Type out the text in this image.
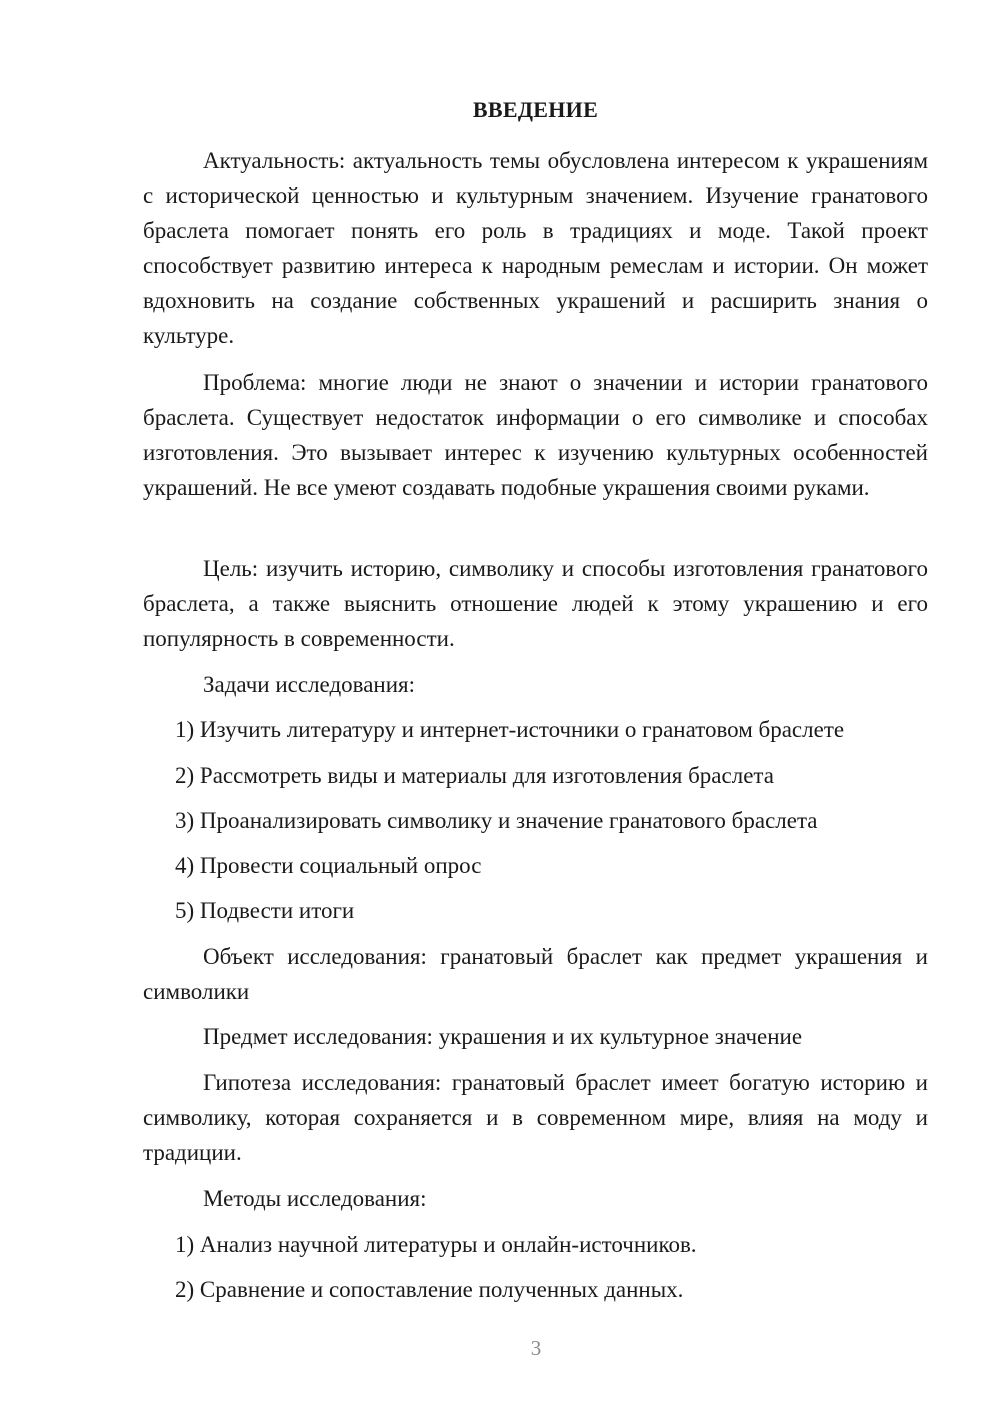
ВВЕДЕНИЕ

Актуальность: актуальность темы обусловлена интересом к украшениям с исторической ценностью и культурным значением. Изучение гранатового браслета помогает понять его роль в традициях и моде. Такой проект способствует развитию интереса к народным ремеслам и истории. Он может вдохновить на создание собственных украшений и расширить знания о культуре.

Проблема: многие люди не знают о значении и истории гранатового браслета. Существует недостаток информации о его символике и способах изготовления. Это вызывает интерес к изучению культурных особенностей украшений. Не все умеют создавать подобные украшения своими руками.

Цель: изучить историю, символику и способы изготовления гранатового браслета, а также выяснить отношение людей к этому украшению и его популярность в современности.

Задачи исследования:

1) Изучить литературу и интернет-источники о гранатовом браслете

2) Рассмотреть виды и материалы для изготовления браслета

3) Проанализировать символику и значение гранатового браслета

4) Провести социальный опрос

5) Подвести итоги

Объект исследования: гранатовый браслет как предмет украшения и символики

Предмет исследования: украшения и их культурное значение

Гипотеза исследования: гранатовый браслет имеет богатую историю и символику, которая сохраняется и в современном мире, влияя на моду и традиции.

Методы исследования:

1) Анализ научной литературы и онлайн-источников.

2) Сравнение и сопоставление полученных данных.

3
